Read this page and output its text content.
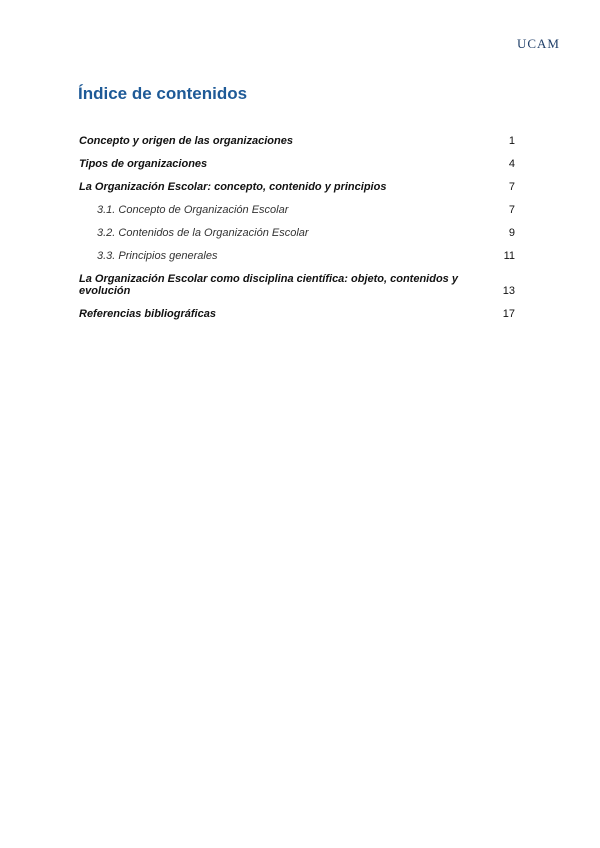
UCAM
Índice de contenidos
Concepto y origen de las organizaciones	1
Tipos de organizaciones	4
La Organización Escolar: concepto, contenido y principios	7
3.1. Concepto de Organización Escolar	7
3.2. Contenidos de la Organización Escolar	9
3.3. Principios generales	11
La Organización Escolar como disciplina científica: objeto, contenidos y evolución	13
Referencias bibliográficas	17
